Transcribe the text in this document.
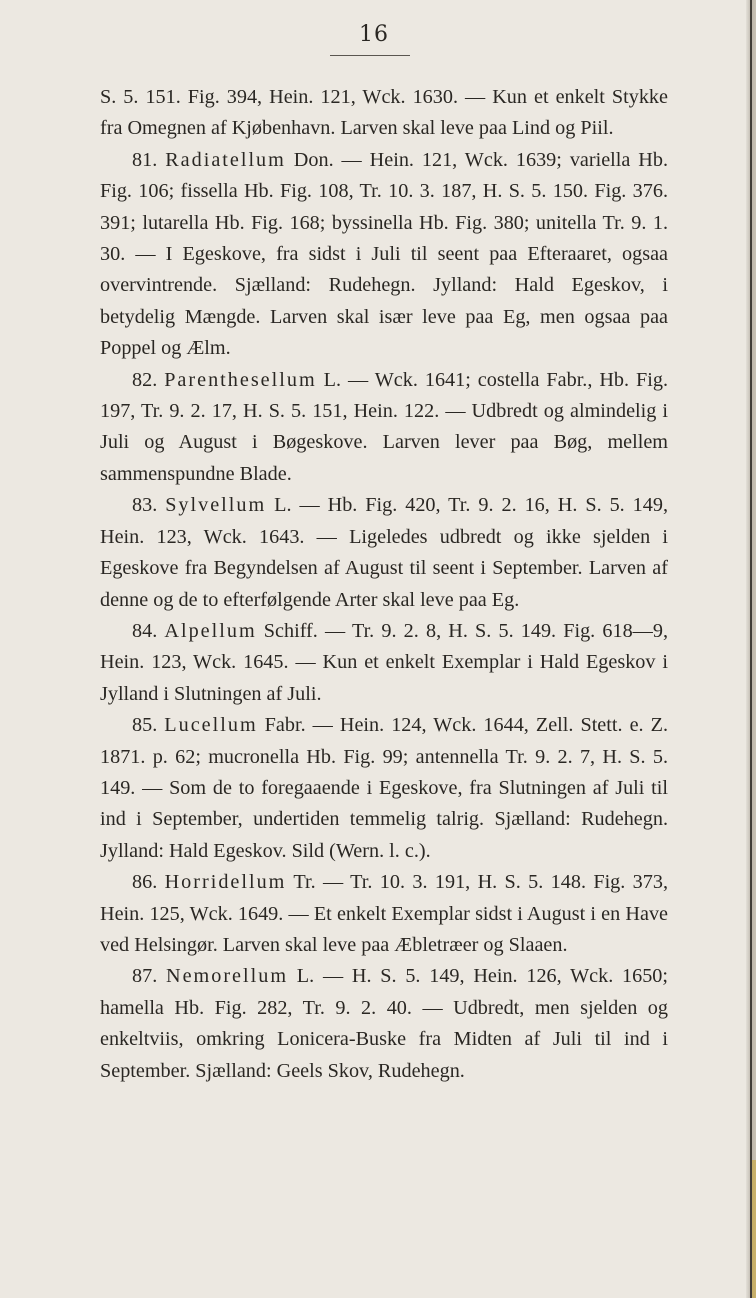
16

S. 5. 151. Fig. 394, Hein. 121, Wck. 1630. — Kun et enkelt Stykke fra Omegnen af Kjøbenhavn. Larven skal leve paa Lind og Piil.

81. Radiatellum Don. — Hein. 121, Wck. 1639; variella Hb. Fig. 106; fissella Hb. Fig. 108, Tr. 10. 3. 187, H. S. 5. 150. Fig. 376. 391; lutarella Hb. Fig. 168; byssinella Hb. Fig. 380; unitella Tr. 9. 1. 30. — I Egeskove, fra sidst i Juli til seent paa Efteraaret, ogsaa overvintrende. Sjælland: Rudehegn. Jylland: Hald Egeskov, i betydelig Mængde. Larven skal især leve paa Eg, men ogsaa paa Poppel og Ælm.

82. Parenthesellum L. — Wck. 1641; costella Fabr., Hb. Fig. 197, Tr. 9. 2. 17, H. S. 5. 151, Hein. 122. — Udbredt og almindelig i Juli og August i Bøgeskove. Larven lever paa Bøg, mellem sammenspundne Blade.

83. Sylvellum L. — Hb. Fig. 420, Tr. 9. 2. 16, H. S. 5. 149, Hein. 123, Wck. 1643. — Ligeledes udbredt og ikke sjelden i Egeskove fra Begyndelsen af August til seent i September. Larven af denne og de to efterfølgende Arter skal leve paa Eg.

84. Alpellum Schiff. — Tr. 9. 2. 8, H. S. 5. 149. Fig. 618—9, Hein. 123, Wck. 1645. — Kun et enkelt Exemplar i Hald Egeskov i Jylland i Slutningen af Juli.

85. Lucellum Fabr. — Hein. 124, Wck. 1644, Zell. Stett. e. Z. 1871. p. 62; mucronella Hb. Fig. 99; antennella Tr. 9. 2. 7, H. S. 5. 149. — Som de to foregaaende i Egeskove, fra Slutningen af Juli til ind i September, undertiden temmelig talrig. Sjælland: Rudehegn. Jylland: Hald Egeskov. Sild (Wern. l. c.).

86. Horridellum Tr. — Tr. 10. 3. 191, H. S. 5. 148. Fig. 373, Hein. 125, Wck. 1649. — Et enkelt Exemplar sidst i August i en Have ved Helsingør. Larven skal leve paa Æbletræer og Slaaen.

87. Nemorellum L. — H. S. 5. 149, Hein. 126, Wck. 1650; hamella Hb. Fig. 282, Tr. 9. 2. 40. — Udbredt, men sjelden og enkeltviis, omkring Lonicera-Buske fra Midten af Juli til ind i September. Sjælland: Geels Skov, Rudehegn.
